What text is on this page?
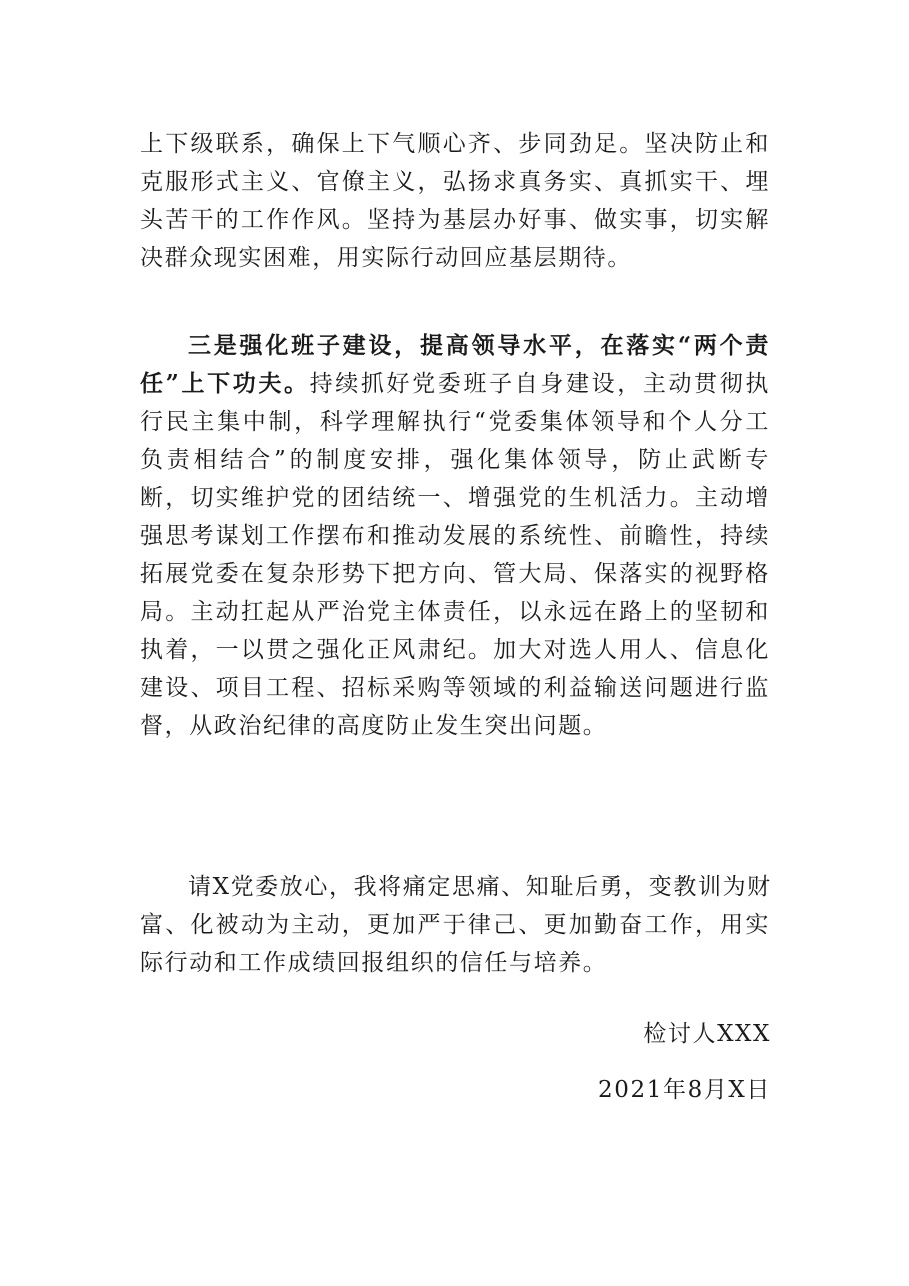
上下级联系，确保上下气顺心齐、步同劲足。坚决防止和
克服形式主义、官僚主义，弘扬求真务实、真抓实干、埋
头苦干的工作作风。坚持为基层办好事、做实事，切实解
决群众现实困难，用实际行动回应基层期待。
三是强化班子建设，提高领导水平，在落实“两个责
任”上下功夫。持续抓好党委班子自身建设，主动贯彻执
行民主集中制，科学理解执行“党委集体领导和个人分工
负责相结合”的制度安排，强化集体领导，防止武断专
断，切实维护党的团结统一、增强党的生机活力。主动增
强思考谋划工作摆布和推动发展的系统性、前瞻性，持续
拓展党委在复杂形势下把方向、管大局、保落实的视野格
局。主动扛起从严治党主体责任，以永远在路上的坚韧和
执着，一以贯之强化正风肃纪。加大对选人用人、信息化
建设、项目工程、招标采购等领域的利益输送问题进行监
督，从政治纪律的高度防止发生突出问题。
请X党委放心，我将痛定思痛、知耻后勇，变教训为财
富、化被动为主动，更加严于律己、更加勤奋工作，用实
际行动和工作成绩回报组织的信任与培养。
检讨人XXX
2021年8月X日
